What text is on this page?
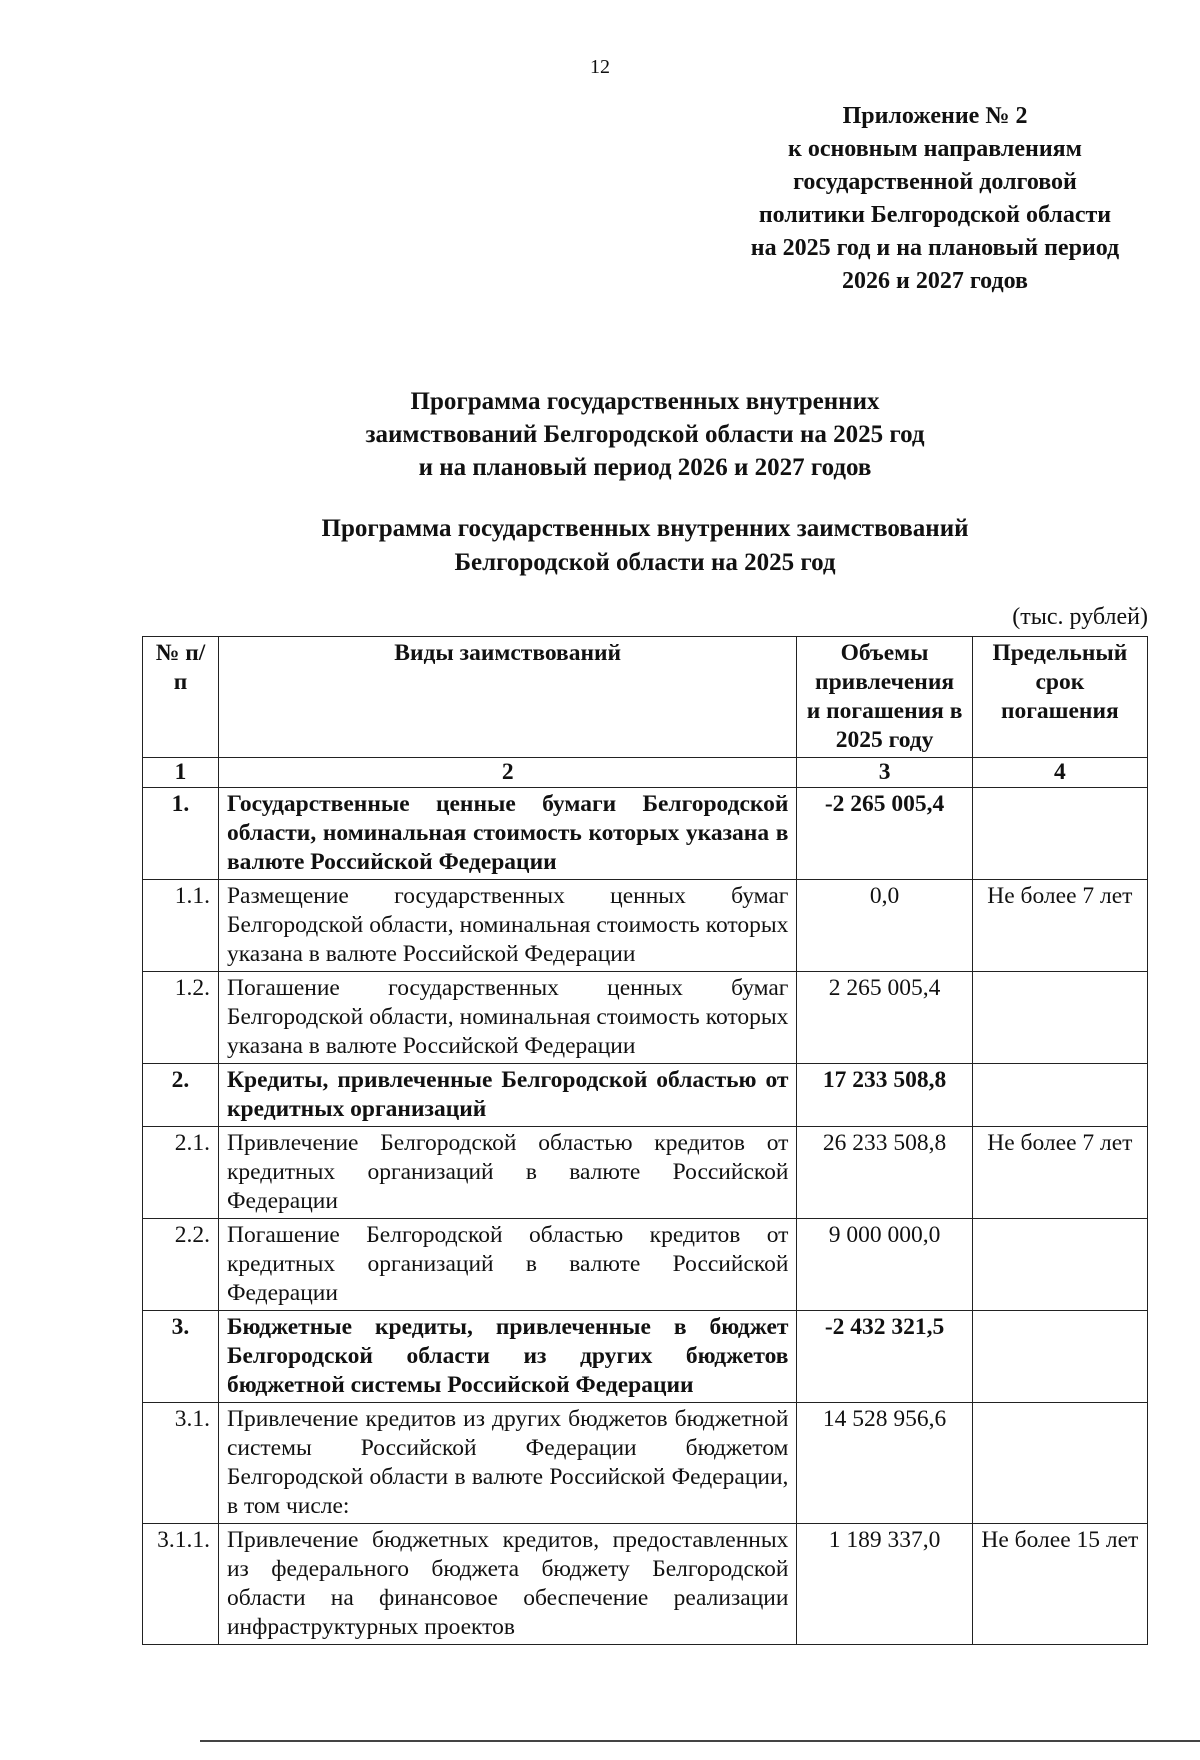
12
Приложение № 2
к основным направлениям
государственной долговой
политики Белгородской области
на 2025 год и на плановый период
2026 и 2027 годов
Программа государственных внутренних
заимствований Белгородской области на 2025 год
и на плановый период 2026 и 2027 годов
Программа государственных внутренних заимствований
Белгородской области на 2025 год
(тыс. рублей)
№ п/п	Виды заимствований	Объемы привлечения и погашения в 2025 году	Предельный срок погашения
1	2	3	4
1.	Государственные ценные бумаги Белгородской области, номинальная стоимость которых указана в валюте Российской Федерации	-2 265 005,4	
1.1.	Размещение государственных ценных бумаг Белгородской области, номинальная стоимость которых указана в валюте Российской Федерации	0,0	Не более 7 лет
1.2.	Погашение государственных ценных бумаг Белгородской области, номинальная стоимость которых указана в валюте Российской Федерации	2 265 005,4	
2.	Кредиты, привлеченные Белгородской областью от кредитных организаций	17 233 508,8	
2.1.	Привлечение Белгородской областью кредитов от кредитных организаций в валюте Российской Федерации	26 233 508,8	Не более 7 лет
2.2.	Погашение Белгородской областью кредитов от кредитных организаций в валюте Российской Федерации	9 000 000,0	
3.	Бюджетные кредиты, привлеченные в бюджет Белгородской области из других бюджетов бюджетной системы Российской Федерации	-2 432 321,5	
3.1.	Привлечение кредитов из других бюджетов бюджетной системы Российской Федерации бюджетом Белгородской области в валюте Российской Федерации, в том числе:	14 528 956,6	
3.1.1.	Привлечение бюджетных кредитов, предоставленных из федерального бюджета бюджету Белгородской области на финансовое обеспечение реализации инфраструктурных проектов	1 189 337,0	Не более 15 лет
